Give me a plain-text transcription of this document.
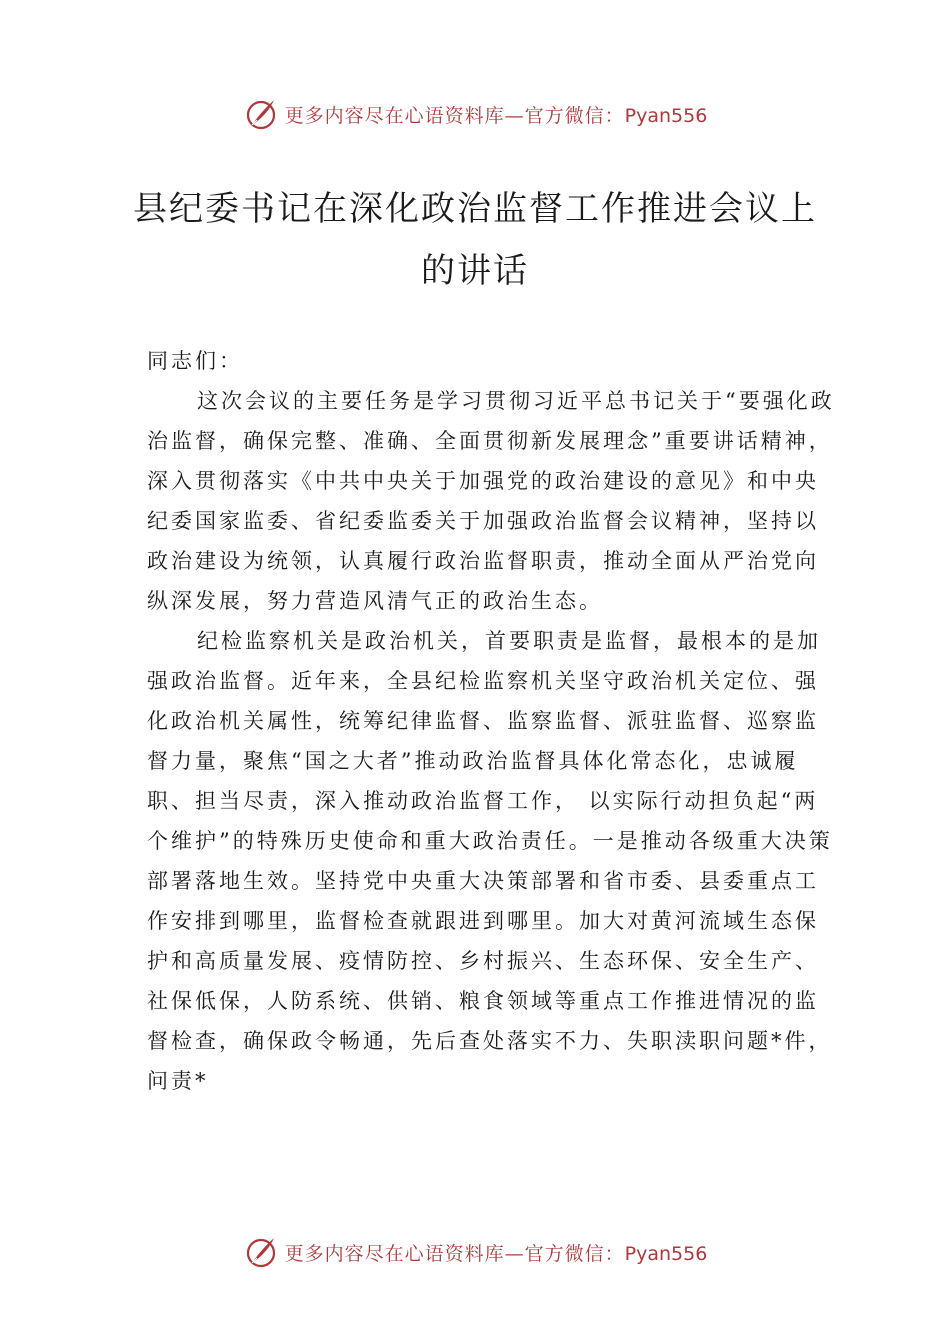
更多内容尽在心语资料库—官方微信：Pyan556
县纪委书记在深化政治监督工作推进会议上的讲话

同志们：

这次会议的主要任务是学习贯彻习近平总书记关于“要强化政治监督，确保完整、准确、全面贯彻新发展理念”重要讲话精神，深入贯彻落实《中共中央关于加强党的政治建设的意见》和中央纪委国家监委、省纪委监委关于加强政治监督会议精神，坚持以政治建设为统领，认真履行政治监督职责，推动全面从严治党向纵深发展，努力营造风清气正的政治生态。

纪检监察机关是政治机关，首要职责是监督，最根本的是加强政治监督。近年来，全县纪检监察机关坚守政治机关定位、强化政治机关属性，统筹纪律监督、监察监督、派驻监督、巡察监督力量，聚焦“国之大者”推动政治监督具体化常态化，忠诚履职、担当尽责，深入推动政治监督工作， 以实际行动担负起“两个维护”的特殊历史使命和重大政治责任。一是推动各级重大决策部署落地生效。坚持党中央重大决策部署和省市委、县委重点工作安排到哪里，监督检查就跟进到哪里。加大对黄河流域生态保护和高质量发展、疫情防控、乡村振兴、生态环保、安全生产、社保低保，人防系统、供销、粮食领域等重点工作推进情况的监督检查，确保政令畅通，先后查处落实不力、失职渎职问题*件，问责*

更多内容尽在心语资料库—官方微信：Pyan556
